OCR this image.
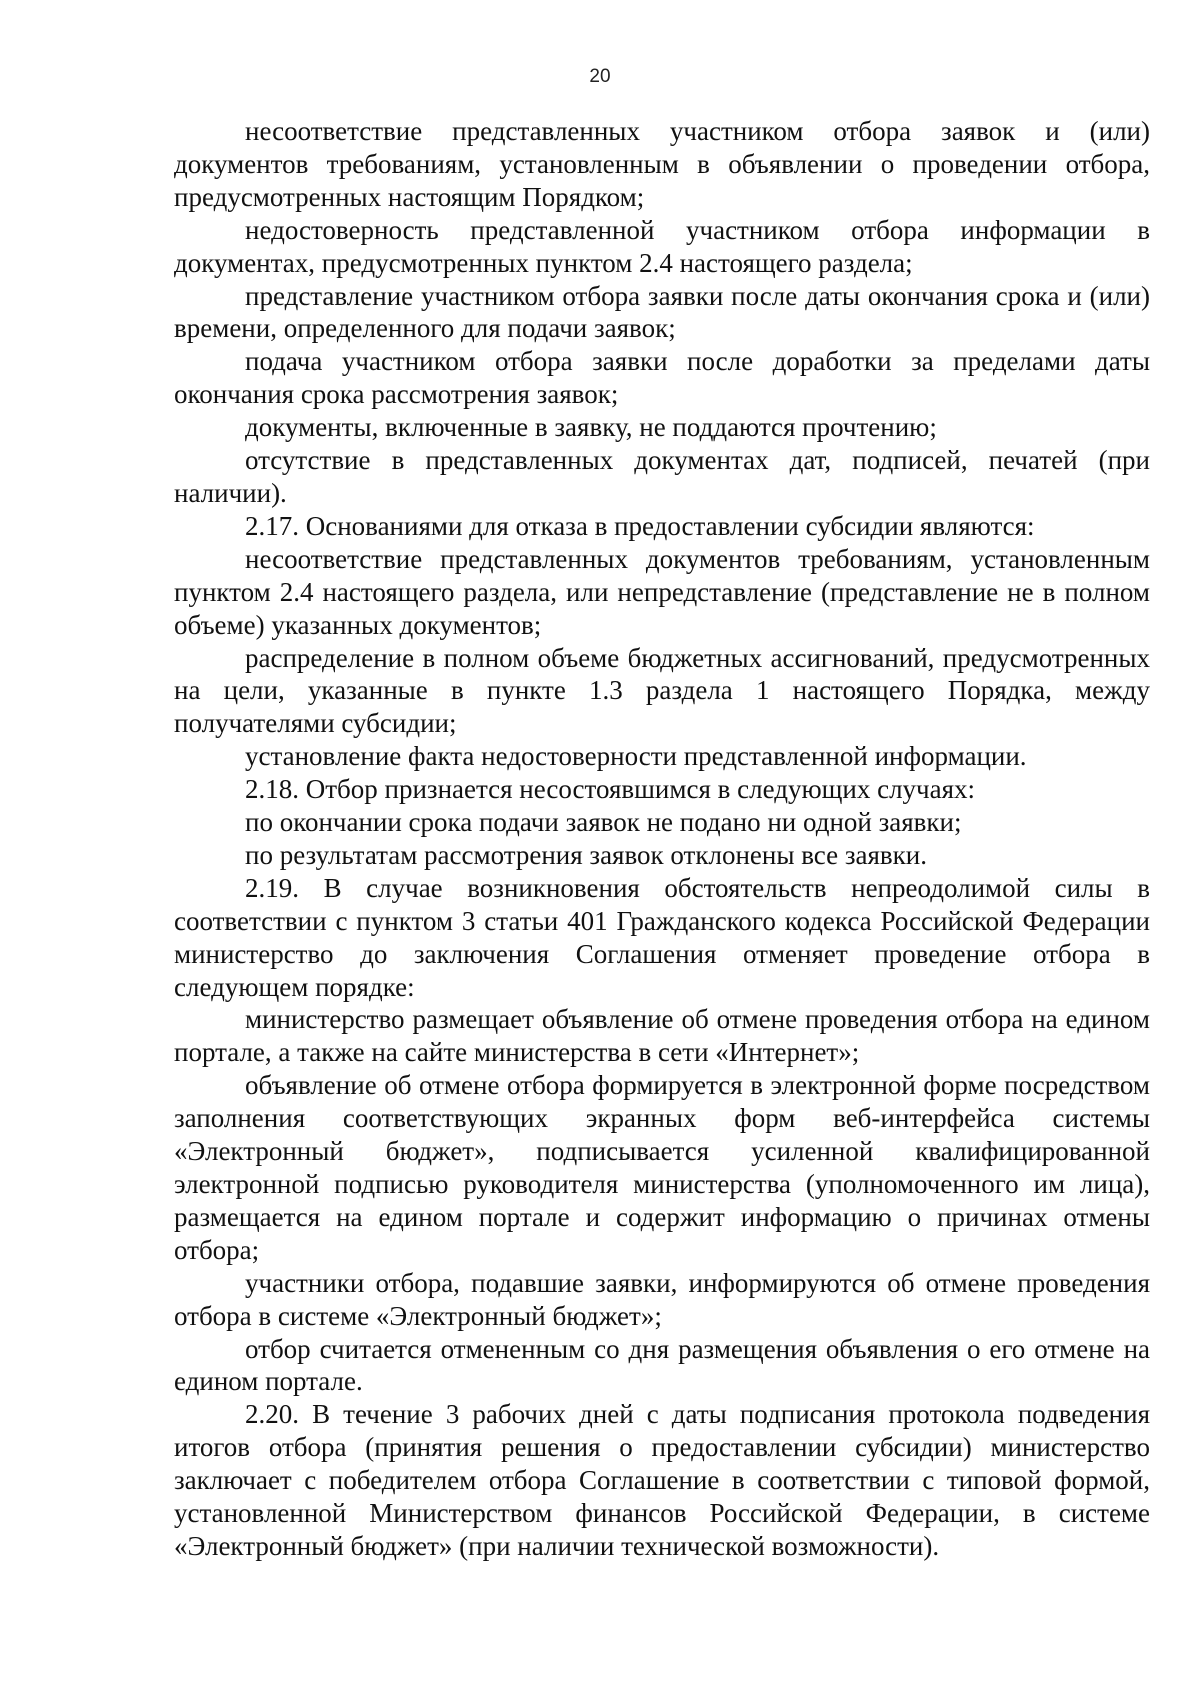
20

несоответствие представленных участником отбора заявок и (или) документов требованиям, установленным в объявлении о проведении отбора, предусмотренных настоящим Порядком;

недостоверность представленной участником отбора информации в документах, предусмотренных пунктом 2.4 настоящего раздела;

представление участником отбора заявки после даты окончания срока и (или) времени, определенного для подачи заявок;

подача участником отбора заявки после доработки за пределами даты окончания срока рассмотрения заявок;

документы, включенные в заявку, не поддаются прочтению;

отсутствие в представленных документах дат, подписей, печатей (при наличии).

2.17. Основаниями для отказа в предоставлении субсидии являются:

несоответствие представленных документов требованиям, установленным пунктом 2.4 настоящего раздела, или непредставление (представление не в полном объеме) указанных документов;

распределение в полном объеме бюджетных ассигнований, предусмотренных на цели, указанные в пункте 1.3 раздела 1 настоящего Порядка, между получателями субсидии;

установление факта недостоверности представленной информации.

2.18. Отбор признается несостоявшимся в следующих случаях:

по окончании срока подачи заявок не подано ни одной заявки;

по результатам рассмотрения заявок отклонены все заявки.

2.19. В случае возникновения обстоятельств непреодолимой силы в соответствии с пунктом 3 статьи 401 Гражданского кодекса Российской Федерации министерство до заключения Соглашения отменяет проведение отбора в следующем порядке:

министерство размещает объявление об отмене проведения отбора на едином портале, а также на сайте министерства в сети «Интернет»;

объявление об отмене отбора формируется в электронной форме посредством заполнения соответствующих экранных форм веб-интерфейса системы «Электронный бюджет», подписывается усиленной квалифицированной электронной подписью руководителя министерства (уполномоченного им лица), размещается на едином портале и содержит информацию о причинах отмены отбора;

участники отбора, подавшие заявки, информируются об отмене проведения отбора в системе «Электронный бюджет»;

отбор считается отмененным со дня размещения объявления о его отмене на едином портале.

2.20. В течение 3 рабочих дней с даты подписания протокола подведения итогов отбора (принятия решения о предоставлении субсидии) министерство заключает с победителем отбора Соглашение в соответствии с типовой формой, установленной Министерством финансов Российской Федерации, в системе «Электронный бюджет» (при наличии технической возможности).
